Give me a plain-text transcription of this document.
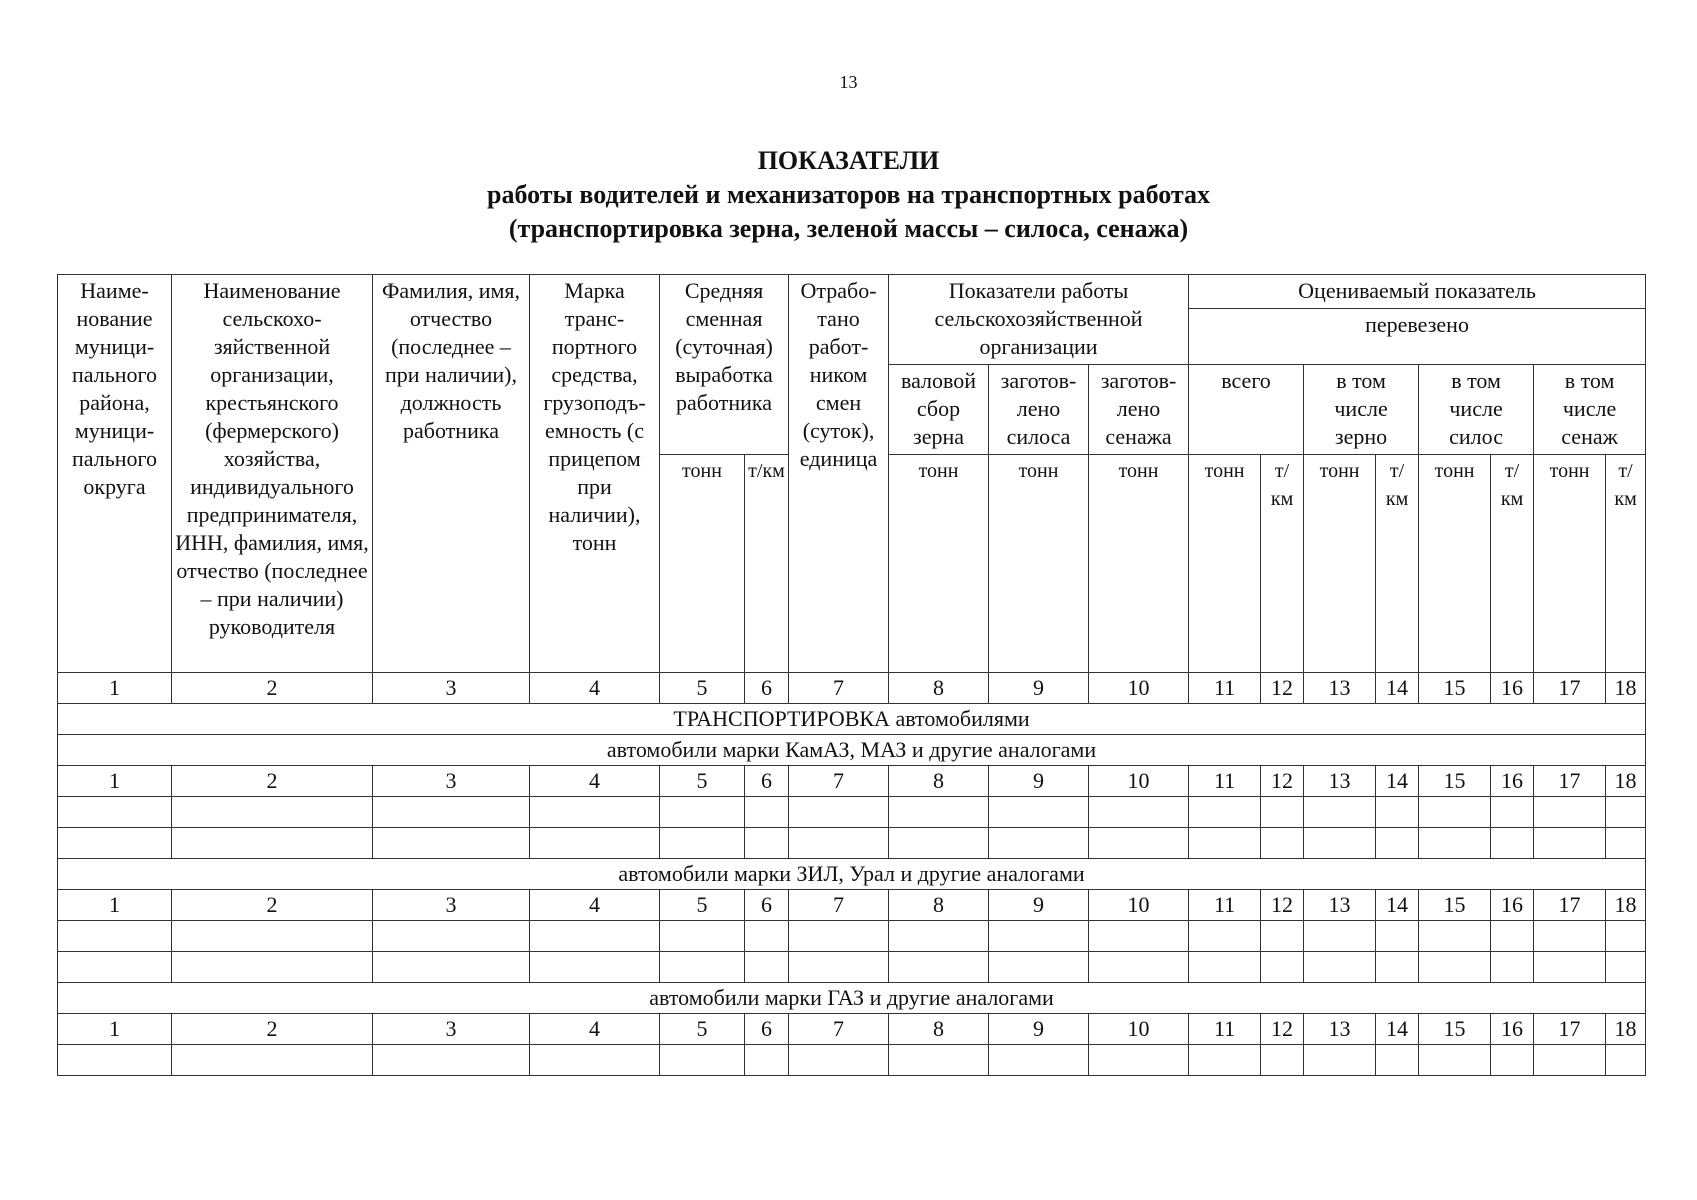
13
ПОКАЗАТЕЛИ
работы водителей и механизаторов на транспортных работах
(транспортировка зерна, зеленой массы – силоса, сенажа)
Наиме-нование муници-пального района, муници-пального округа	Наименование сельскохо-зяйственной организации, крестьянского (фермерского) хозяйства, индивидуального предпринимателя, ИНН, фамилия, имя, отчество (последнее – при наличии) руководителя	Фамилия, имя, отчество (последнее – при наличии), должность работника	Марка транс-портного средства, грузоподъ-емность (с прицепом при наличии), тонн	Средняя сменная (суточная) выработка работника		Отрабо-тано работ-ником смен (суток), единица	Показатели работы сельскохозяйственной организации			Оцениваемый показатель							
										перевезено							
							валовой сбор зерна	заготов-лено силоса	заготов-лено сенажа	всего		в том числе зерно		в том числе силос		в том числе сенаж	
				тонн	т/км		тонн	тонн	тонн	тонн	т/км	тонн	т/км	тонн	т/км	тонн	т/км
1	2	3	4	5	6	7	8	9	10	11	12	13	14	15	16	17	18
ТРАНСПОРТИРОВКА автомобилями																	
автомобили марки КамАЗ, МАЗ и другие аналогами																	
1	2	3	4	5	6	7	8	9	10	11	12	13	14	15	16	17	18

автомобили марки ЗИЛ, Урал и другие аналогами																	
1	2	3	4	5	6	7	8	9	10	11	12	13	14	15	16	17	18

автомобили марки ГАЗ и другие аналогами																	
1	2	3	4	5	6	7	8	9	10	11	12	13	14	15	16	17	18
